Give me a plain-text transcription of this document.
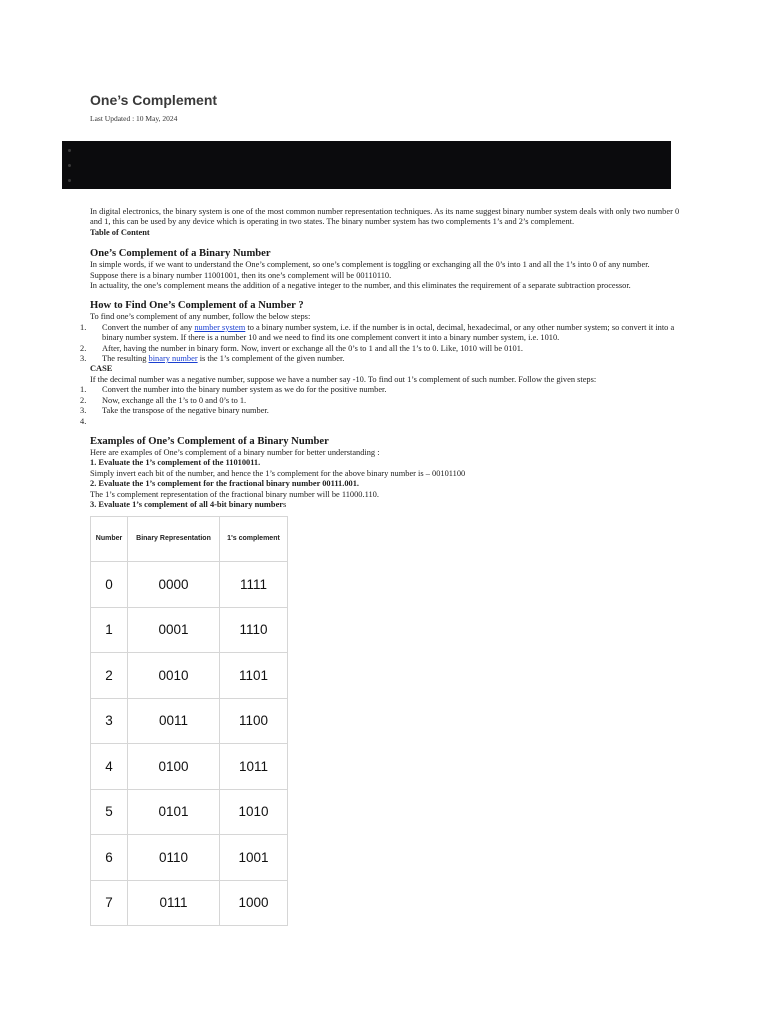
One’s Complement
Last Updated : 10 May, 2024

In digital electronics, the binary system is one of the most common number representation techniques. As its name suggest binary number system deals with only two number 0 and 1, this can be used by any device which is operating in two states. The binary number system has two complements 1’s and 2’s complement.

Table of Content

One’s Complement of a Binary Number

In simple words, if we want to understand the One’s complement, so one’s complement is toggling or exchanging all the 0’s into 1 and all the 1’s into 0 of any number. Suppose there is a binary number 11001001, then its one’s complement will be 00110110.

In actuality, the one’s complement means the addition of a negative integer to the number, and this eliminates the requirement of a separate subtraction processor.

How to Find One’s Complement of a Number ?

To find one’s complement of any number, follow the below steps:

1. Convert the number of any number system to a binary number system, i.e. if the number is in octal, decimal, hexadecimal, or any other number system; so convert it into a binary number system. If there is a number 10 and we need to find its one complement convert it into a binary number system, i.e. 1010.
2. After, having the number in binary form. Now, invert or exchange all the 0’s to 1 and all the 1’s to 0. Like, 1010 will be 0101.
3. The resulting binary number is the 1’s complement of the given number.

CASE

If the decimal number was a negative number, suppose we have a number say -10. To find out 1’s complement of such number. Follow the given steps:

1. Convert the number into the binary number system as we do for the positive number.
2. Now, exchange all the 1’s to 0 and 0’s to 1.
3. Take the transpose of the negative binary number.
4.
Examples of One’s Complement of a Binary Number

Here are examples of One’s complement of a binary number for better understanding :

1. Evaluate the 1’s complement of the 11010011.

Simply invert each bit of the number, and hence the 1’s complement for the above binary number is – 00101100

2. Evaluate the 1’s complement for the fractional binary number 00111.001.

The 1’s complement representation of the fractional binary number will be 11000.110.

3. Evaluate 1’s complement of all 4-bit binary numbers

Number	Binary Representation	1's complement
0	0000	1111
1	0001	1110
2	0010	1101
3	0011	1100
4	0100	1011
5	0101	1010
6	0110	1001
7	0111	1000
